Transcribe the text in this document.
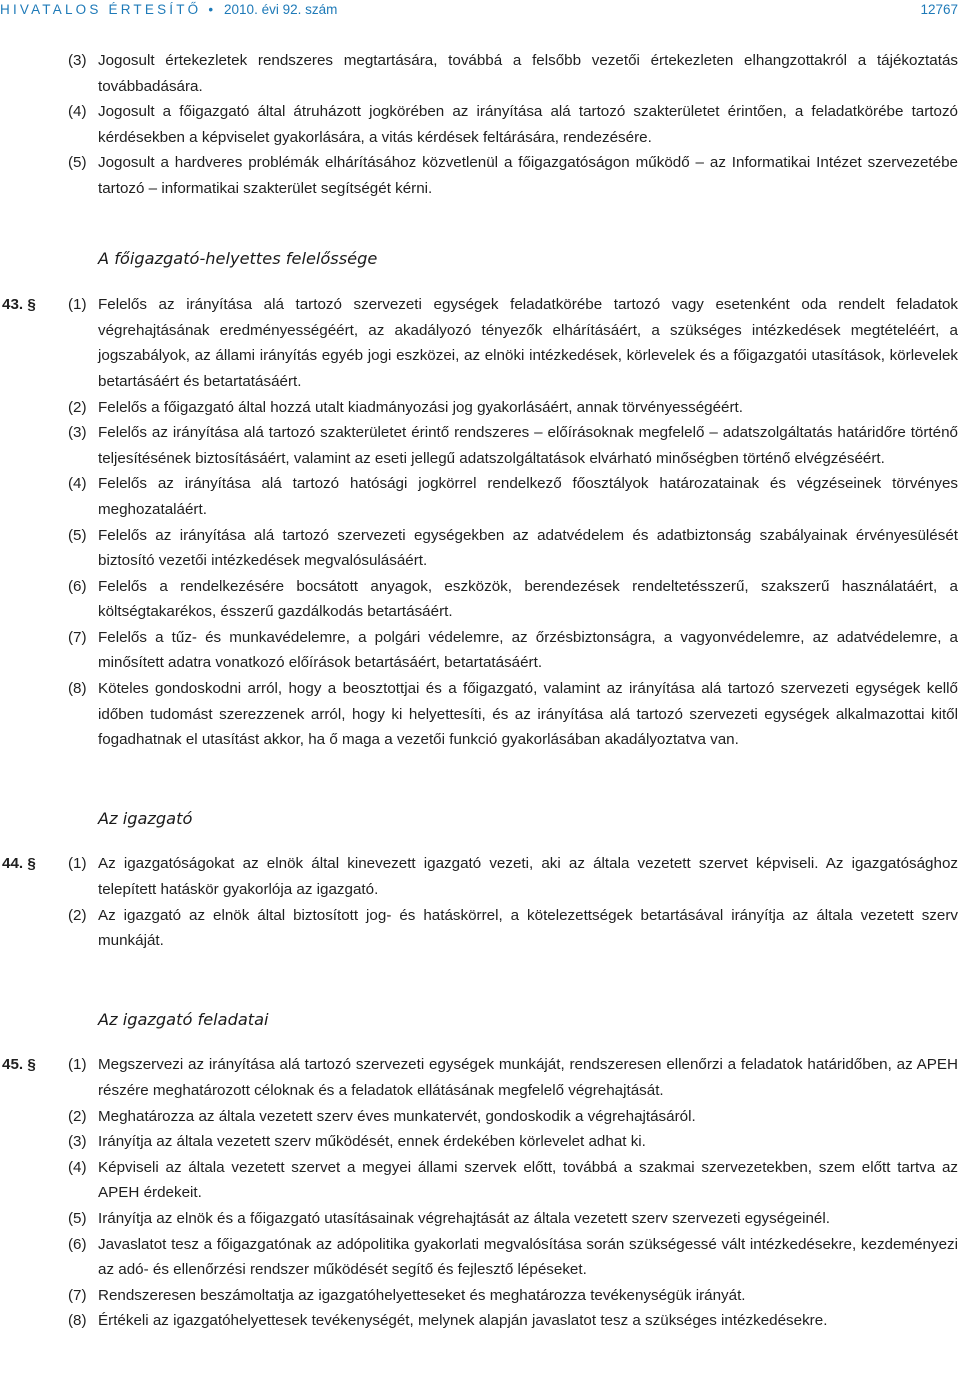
HIVATALOS ÉRTESÍTŐ • 2010. évi 92. szám	12767
(3) Jogosult értekezletek rendszeres megtartására, továbbá a felsőbb vezetői értekezleten elhangzottakról a tájékoztatás továbbadására.
(4) Jogosult a főigazgató által átruházott jogkörében az irányítása alá tartozó szakterületet érintően, a feladatkörébe tartozó kérdésekben a képviselet gyakorlására, a vitás kérdések feltárására, rendezésére.
(5) Jogosult a hardveres problémák elhárításához közvetlenül a főigazgatóságon működő – az Informatikai Intézet szervezetébe tartozó – informatikai szakterület segítségét kérni.
A főigazgató-helyettes felelőssége
43. § (1) Felelős az irányítása alá tartozó szervezeti egységek feladatkörébe tartozó vagy esetenként oda rendelt feladatok végrehajtásának eredményességéért, az akadályozó tényezők elhárításáért, a szükséges intézkedések megtételéért, a jogszabályok, az állami irányítás egyéb jogi eszközei, az elnöki intézkedések, körlevelek és a főigazgatói utasítások, körlevelek betartásáért és betartatásáért.
(2) Felelős a főigazgató által hozzá utalt kiadmányozási jog gyakorlásáért, annak törvényességéért.
(3) Felelős az irányítása alá tartozó szakterületet érintő rendszeres – előírásoknak megfelelő – adatszolgáltatás határidőre történő teljesítésének biztosításáért, valamint az eseti jellegű adatszolgáltatások elvárható minőségben történő elvégzéséért.
(4) Felelős az irányítása alá tartozó hatósági jogkörrel rendelkező főosztályok határozatainak és végzéseinek törvényes meghozataláért.
(5) Felelős az irányítása alá tartozó szervezeti egységekben az adatvédelem és adatbiztonság szabályainak érvényesülését biztosító vezetői intézkedések megvalósulásáért.
(6) Felelős a rendelkezésére bocsátott anyagok, eszközök, berendezések rendeltetésszerű, szakszerű használatáért, a költségtakarékos, ésszerű gazdálkodás betartásáért.
(7) Felelős a tűz- és munkavédelemre, a polgári védelemre, az őrzésbiztonságra, a vagyonvédelemre, az adatvédelemre, a minősített adatra vonatkozó előírások betartásáért, betartatásáért.
(8) Köteles gondoskodni arról, hogy a beosztottjai és a főigazgató, valamint az irányítása alá tartozó szervezeti egységek kellő időben tudomást szerezzenek arról, hogy ki helyettesíti, és az irányítása alá tartozó szervezeti egységek alkalmazottai kitől fogadhatnak el utasítást akkor, ha ő maga a vezetői funkció gyakorlásában akadályoztatva van.
Az igazgató
44. § (1) Az igazgatóságokat az elnök által kinevezett igazgató vezeti, aki az általa vezetett szervet képviseli. Az igazgatósághoz telepített hatáskör gyakorlója az igazgató.
(2) Az igazgató az elnök által biztosított jog- és hatáskörrel, a kötelezettségek betartásával irányítja az általa vezetett szerv munkáját.
Az igazgató feladatai
45. § (1) Megszervezi az irányítása alá tartozó szervezeti egységek munkáját, rendszeresen ellenőrzi a feladatok határidőben, az APEH részére meghatározott céloknak és a feladatok ellátásának megfelelő végrehajtását.
(2) Meghatározza az általa vezetett szerv éves munkatervét, gondoskodik a végrehajtásáról.
(3) Irányítja az általa vezetett szerv működését, ennek érdekében körlevelet adhat ki.
(4) Képviseli az általa vezetett szervet a megyei állami szervek előtt, továbbá a szakmai szervezetekben, szem előtt tartva az APEH érdekeit.
(5) Irányítja az elnök és a főigazgató utasításainak végrehajtását az általa vezetett szerv szervezeti egységeinél.
(6) Javaslatot tesz a főigazgatónak az adópolitika gyakorlati megvalósítása során szükségessé vált intézkedésekre, kezdeményezi az adó- és ellenőrzési rendszer működését segítő és fejlesztő lépéseket.
(7) Rendszeresen beszámoltatja az igazgatóhelyetteseket és meghatározza tevékenységük irányát.
(8) Értékeli az igazgatóhelyettesek tevékenységét, melynek alapján javaslatot tesz a szükséges intézkedésekre.
